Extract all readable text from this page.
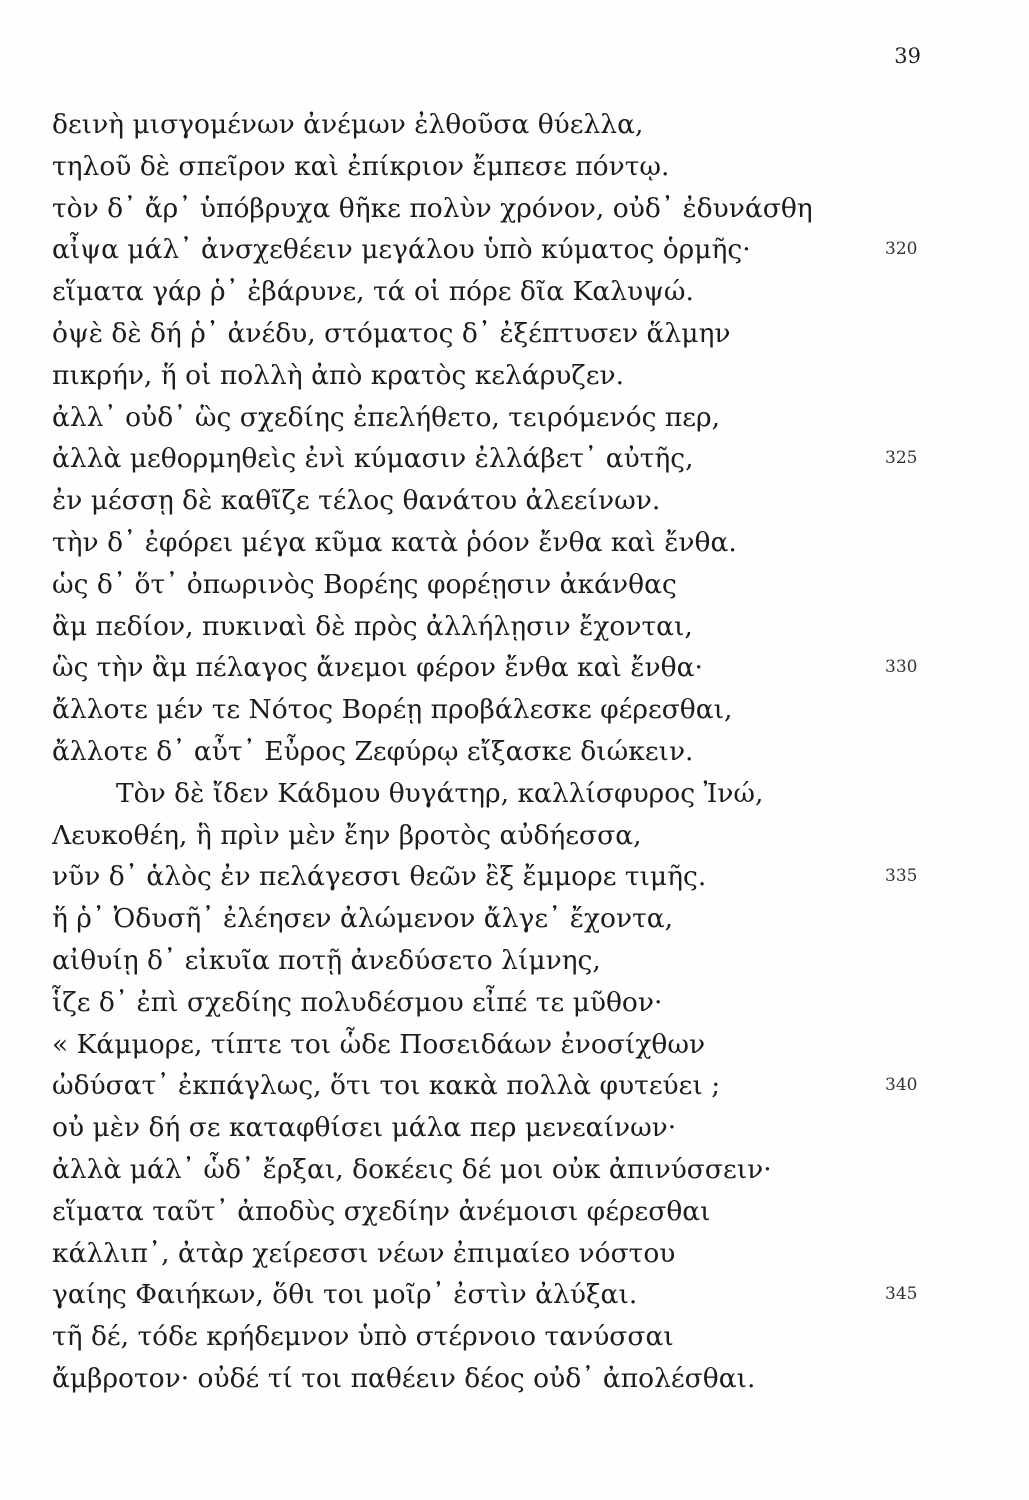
39
δεινὴ μισγομένων ἀνέμων ἐλθοῦσα θύελλα,
τηλοῦ δὲ σπεῖρον καὶ ἐπίκριον ἔμπεσε πόντῳ.
τὸν δ᾽ ἄρ᾽ ὑπόβρυχα θῆκε πολὺν χρόνον, οὐδ᾽ ἐδυνάσθη
αἶψα μάλ᾽ ἀνσχεθέειν μεγάλου ὑπὸ κύματος ὁρμῆς·	320
εἵματα γάρ ῥ᾽ ἐβάρυνε, τά οἱ πόρε δῖα Καλυψώ.
ὀψὲ δὲ δή ῥ᾽ ἀνέδυ, στόματος δ᾽ ἐξέπτυσεν ἅλμην
πικρήν, ἥ οἱ πολλὴ ἀπὸ κρατὸς κελάρυζεν.
ἀλλ᾽ οὐδ᾽ ὣς σχεδίης ἐπελήθετο, τειρόμενός περ,
ἀλλὰ μεθορμηθεὶς ἐνὶ κύμασιν ἐλλάβετ᾽ αὐτῆς,	325
ἐν μέσσῃ δὲ καθῖζε τέλος θανάτου ἀλεείνων.
τὴν δ᾽ ἐφόρει μέγα κῦμα κατὰ ῥόον ἔνθα καὶ ἔνθα.
ὡς δ᾽ ὅτ᾽ ὀπωρινὸς Βορέης φορέῃσιν ἀκάνθας
ἂμ πεδίον, πυκιναὶ δὲ πρὸς ἀλλήλῃσιν ἔχονται,
ὣς τὴν ἂμ πέλαγος ἄνεμοι φέρον ἔνθα καὶ ἔνθα·	330
ἄλλοτε μέν τε Νότος Βορέῃ προβάλεσκε φέρεσθαι,
ἄλλοτε δ᾽ αὖτ᾽ Εὖρος Ζεφύρῳ εἴξασκε διώκειν.
Τὸν δὲ ἴδεν Κάδμου θυγάτηρ, καλλίσφυρος Ἰνώ,
Λευκοθέη, ἣ πρὶν μὲν ἔην βροτὸς αὐδήεσσα,
νῦν δ᾽ ἁλὸς ἐν πελάγεσσι θεῶν ἒξ ἔμμορε τιμῆς.	335
ἥ ῥ᾽ Ὀδυσῆ᾽ ἐλέησεν ἀλώμενον ἄλγε᾽ ἔχοντα,
αἰθυίῃ δ᾽ εἰκυῖα ποτῇ ἀνεδύσετο λίμνης,
ἷζε δ᾽ ἐπὶ σχεδίης πολυδέσμου εἶπέ τε μῦθον·
« Κάμμορε, τίπτε τοι ὧδε Ποσειδάων ἐνοσίχθων
ὠδύσατ᾽ ἐκπάγλως, ὅτι τοι κακὰ πολλὰ φυτεύει ;	340
οὐ μὲν δή σε καταφθίσει μάλα περ μενεαίνων·
ἀλλὰ μάλ᾽ ὧδ᾽ ἔρξαι, δοκέεις δέ μοι οὐκ ἀπινύσσειν·
εἵματα ταῦτ᾽ ἀποδὺς σχεδίην ἀνέμοισι φέρεσθαι
κάλλιπ᾽, ἀτὰρ χείρεσσι νέων ἐπιμαίεο νόστου
γαίης Φαιήκων, ὅθι τοι μοῖρ᾽ ἐστὶν ἀλύξαι.	345
τῆ δέ, τόδε κρήδεμνον ὑπὸ στέρνοιο τανύσσαι
ἄμβροτον· οὐδέ τί τοι παθέειν δέος οὐδ᾽ ἀπολέσθαι.
